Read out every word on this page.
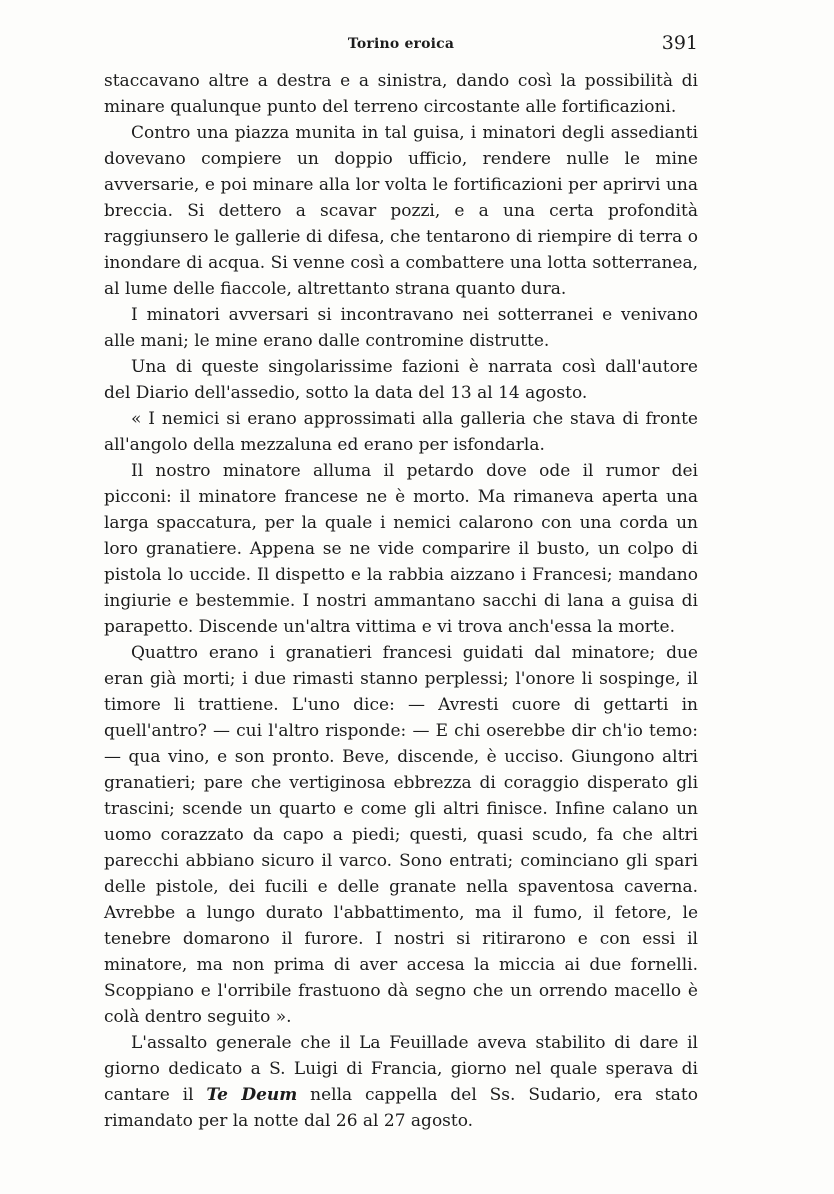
Torino eroica	391

staccavano altre a destra e a sinistra, dando così la possibilità di minare qualunque punto del terreno circostante alle fortificazioni.

Contro una piazza munita in tal guisa, i minatori degli assedianti dovevano compiere un doppio ufficio, rendere nulle le mine avversarie, e poi minare alla lor volta le fortificazioni per aprirvi una breccia. Si dettero a scavar pozzi, e a una certa profondità raggiunsero le gallerie di difesa, che tentarono di riempire di terra o inondare di acqua. Si venne così a combattere una lotta sotterranea, al lume delle fiaccole, altrettanto strana quanto dura.

I minatori avversari si incontravano nei sotterranei e venivano alle mani; le mine erano dalle contromine distrutte.

Una di queste singolarissime fazioni è narrata così dall'autore del Diario dell'assedio, sotto la data del 13 al 14 agosto.

« I nemici si erano approssimati alla galleria che stava di fronte all'angolo della mezzaluna ed erano per isfondarla.

Il nostro minatore alluma il petardo dove ode il rumor dei picconi: il minatore francese ne è morto. Ma rimaneva aperta una larga spaccatura, per la quale i nemici calarono con una corda un loro granatiere. Appena se ne vide comparire il busto, un colpo di pistola lo uccide. Il dispetto e la rabbia aizzano i Francesi; mandano ingiurie e bestemmie. I nostri ammantano sacchi di lana a guisa di parapetto. Discende un'altra vittima e vi trova anch'essa la morte.

Quattro erano i granatieri francesi guidati dal minatore; due eran già morti; i due rimasti stanno perplessi; l'onore li sospinge, il timore li trattiene. L'uno dice: — Avresti cuore di gettarti in quell'antro? — cui l'altro risponde: — E chi oserebbe dir ch'io temo: — qua vino, e son pronto. Beve, discende, è ucciso. Giungono altri granatieri; pare che vertiginosa ebbrezza di coraggio disperato gli trascini; scende un quarto e come gli altri finisce. Infine calano un uomo corazzato da capo a piedi; questi, quasi scudo, fa che altri parecchi abbiano sicuro il varco. Sono entrati; cominciano gli spari delle pistole, dei fucili e delle granate nella spaventosa caverna. Avrebbe a lungo durato l'abbattimento, ma il fumo, il fetore, le tenebre domarono il furore. I nostri si ritirarono e con essi il minatore, ma non prima di aver accesa la miccia ai due fornelli. Scoppiano e l'orribile frastuono dà segno che un orrendo macello è colà dentro seguito ».

L'assalto generale che il La Feuillade aveva stabilito di dare il giorno dedicato a S. Luigi di Francia, giorno nel quale sperava di cantare il Te Deum nella cappella del Ss. Sudario, era stato rimandato per la notte dal 26 al 27 agosto.
